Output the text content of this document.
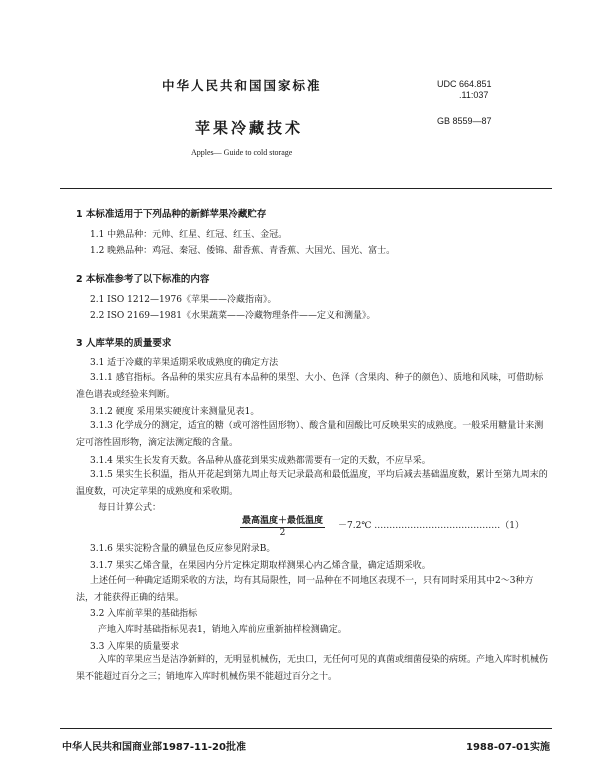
中华人民共和国国家标准	UDC 664.851
.11:037
苹果冷藏技术	GB 8559—87
Apples— Guide to cold storage
1 本标准适用于下列品种的新鲜苹果冷藏贮存
1.1 中熟品种：元帅、红星、红冠、红玉、金冠。
1.2 晚熟品种：鸡冠、秦冠、倭锦、甜香蕉、青香蕉、大国光、国光、富士。
2 本标准参考了以下标准的内容
2.1 ISO 1212—1976《苹果——冷藏指南》。
2.2 ISO 2169—1981《水果蔬菜——冷藏物理条件——定义和测量》。
3 人库苹果的质量要求
3.1 适于冷藏的苹果适期采收成熟度的确定方法
3.1.1 感官指标。各品种的果实应具有本品种的果型、大小、色泽（含果肉、种子的颜色）、质地和风味，可借助标准色谱表或经验来判断。
3.1.2 硬度 采用果实硬度计来测量见表1。
3.1.3 化学成分的测定，适宜的糖（或可溶性固形物）、酸含量和固酸比可反映果实的成熟度。一般采用糖量计来测定可溶性固形物，滴定法测定酸的含量。
3.1.4 果实生长发育天数。各品种从盛花到果实成熟都需要有一定的天数，不应早采。
3.1.5 果实生长积温，指从开花起到第九周止每天记录最高和最低温度，平均后减去基础温度数，累计至第九周末的温度数，可决定苹果的成熟度和采收期。
每日计算公式：
最高温度＋最低温度
2
－7.2℃ ……………………………………（1）
3.1.6 果实淀粉含量的碘显色反应参见附录B。
3.1.7 果实乙烯含量，在果园内分片定株定期取样测果心内乙烯含量，确定适期采收。
上述任何一种确定适期采收的方法，均有其局限性，同一品种在不同地区表现不一，只有同时采用其中2～3种方法，才能获得正确的结果。
3.2 入库前苹果的基础指标
产地入库时基础指标见表1，销地入库前应重新抽样检测确定。
3.3 入库果的质量要求
入库的苹果应当是洁净新鲜的，无明显机械伤，无虫口，无任何可见的真菌或细菌侵染的病斑。产地入库时机械伤果不能超过百分之三；销地库入库时机械伤果不能超过百分之十。
中华人民共和国商业部1987-11-20批准	1988-07-01实施
